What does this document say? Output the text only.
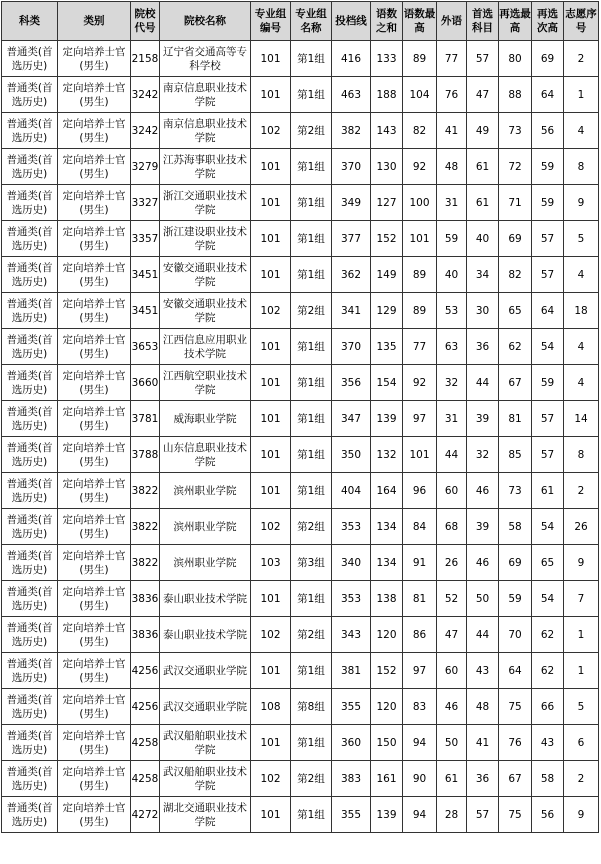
科类	类别	院校代号	院校名称	专业组编号	专业组名称	投档线	语数之和	语数最高	外语	首选科目	再选最高	再选次高	志愿序号
普通类(首选历史)	定向培养士官(男生)	2158	辽宁省交通高等专科学校	101	第1组	416	133	89	77	57	80	69	2
普通类(首选历史)	定向培养士官(男生)	3242	南京信息职业技术学院	101	第1组	463	188	104	76	47	88	64	1
普通类(首选历史)	定向培养士官(男生)	3242	南京信息职业技术学院	102	第2组	382	143	82	41	49	73	56	4
普通类(首选历史)	定向培养士官(男生)	3279	江苏海事职业技术学院	101	第1组	370	130	92	48	61	72	59	8
普通类(首选历史)	定向培养士官(男生)	3327	浙江交通职业技术学院	101	第1组	349	127	100	31	61	71	59	9
普通类(首选历史)	定向培养士官(男生)	3357	浙江建设职业技术学院	101	第1组	377	152	101	59	40	69	57	5
普通类(首选历史)	定向培养士官(男生)	3451	安徽交通职业技术学院	101	第1组	362	149	89	40	34	82	57	4
普通类(首选历史)	定向培养士官(男生)	3451	安徽交通职业技术学院	102	第2组	341	129	89	53	30	65	64	18
普通类(首选历史)	定向培养士官(男生)	3653	江西信息应用职业技术学院	101	第1组	370	135	77	63	36	62	54	4
普通类(首选历史)	定向培养士官(男生)	3660	江西航空职业技术学院	101	第1组	356	154	92	32	44	67	59	4
普通类(首选历史)	定向培养士官(男生)	3781	威海职业学院	101	第1组	347	139	97	31	39	81	57	14
普通类(首选历史)	定向培养士官(男生)	3788	山东信息职业技术学院	101	第1组	350	132	101	44	32	85	57	8
普通类(首选历史)	定向培养士官(男生)	3822	滨州职业学院	101	第1组	404	164	96	60	46	73	61	2
普通类(首选历史)	定向培养士官(男生)	3822	滨州职业学院	102	第2组	353	134	84	68	39	58	54	26
普通类(首选历史)	定向培养士官(男生)	3822	滨州职业学院	103	第3组	340	134	91	26	46	69	65	9
普通类(首选历史)	定向培养士官(男生)	3836	泰山职业技术学院	101	第1组	353	138	81	52	50	59	54	7
普通类(首选历史)	定向培养士官(男生)	3836	泰山职业技术学院	102	第2组	343	120	86	47	44	70	62	1
普通类(首选历史)	定向培养士官(男生)	4256	武汉交通职业学院	101	第1组	381	152	97	60	43	64	62	1
普通类(首选历史)	定向培养士官(男生)	4256	武汉交通职业学院	108	第8组	355	120	83	46	48	75	66	5
普通类(首选历史)	定向培养士官(男生)	4258	武汉船舶职业技术学院	101	第1组	360	150	94	50	41	76	43	6
普通类(首选历史)	定向培养士官(男生)	4258	武汉船舶职业技术学院	102	第2组	383	161	90	61	36	67	58	2
普通类(首选历史)	定向培养士官(男生)	4272	湖北交通职业技术学院	101	第1组	355	139	94	28	57	75	56	9
